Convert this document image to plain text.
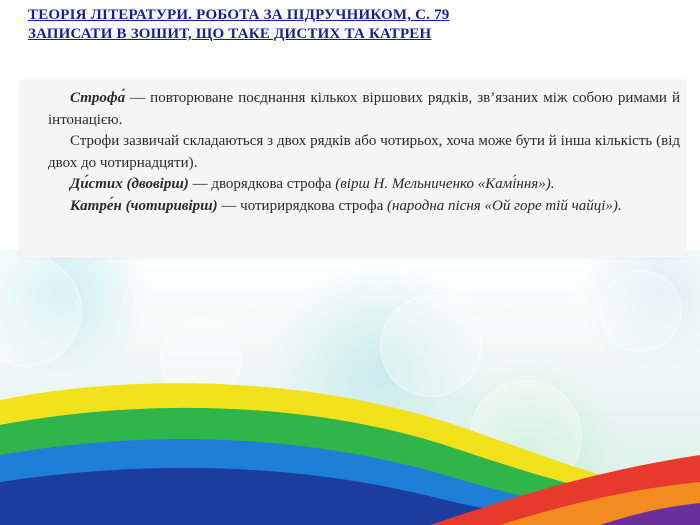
ТЕОРІЯ ЛІТЕРАТУРИ. РОБОТА ЗА ПІДРУЧНИКОМ, С. 79
ЗАПИСАТИ В ЗОШИТ, ЩО ТАКЕ ДИСТИХ ТА КАТРЕН

Строфа́ — повторюване поєднання кількох віршових рядків, зв’язаних між собою римами й інтонацією.

Строфи зазвичай складаються з двох рядків або чотирьох, хоча може бути й інша кількість (від двох до чотирнадцяти).

Ди́стих (двовірш) — дворядкова строфа (вірш Н. Мельниченко «Камі́ння»).

Катре́н (чотиривірш) — чотирирядкова строфа (народна пісня «Ой горе тій чайці»).
